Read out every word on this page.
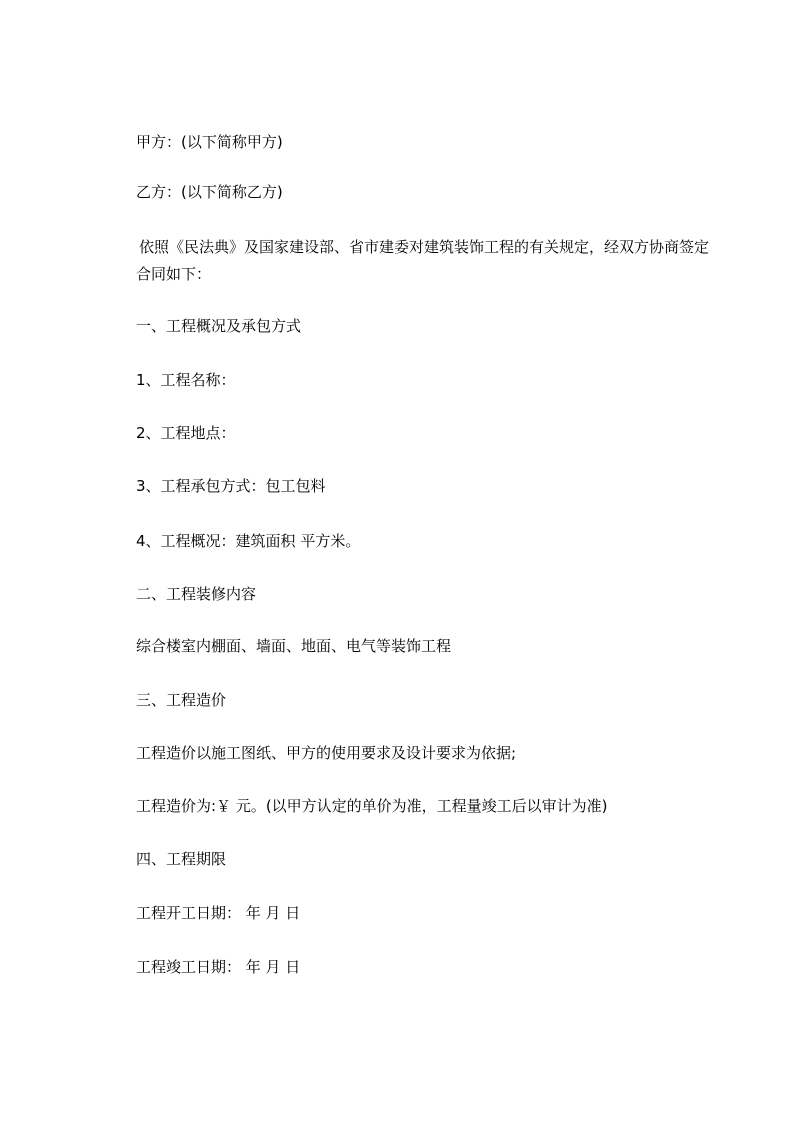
甲方：(以下简称甲方)
乙方：(以下简称乙方)
依照《民法典》及国家建设部、省市建委对建筑装饰工程的有关规定，经双方协商签定合同如下：
一、工程概况及承包方式
1、工程名称：
2、工程地点：
3、工程承包方式：包工包料
4、工程概况：建筑面积 平方米。
二、工程装修内容
综合楼室内棚面、墙面、地面、电气等装饰工程
三、工程造价
工程造价以施工图纸、甲方的使用要求及设计要求为依据;
工程造价为:￥ 元。(以甲方认定的单价为准，工程量竣工后以审计为准)
四、工程期限
工程开工日期： 年 月 日
工程竣工日期： 年 月 日
